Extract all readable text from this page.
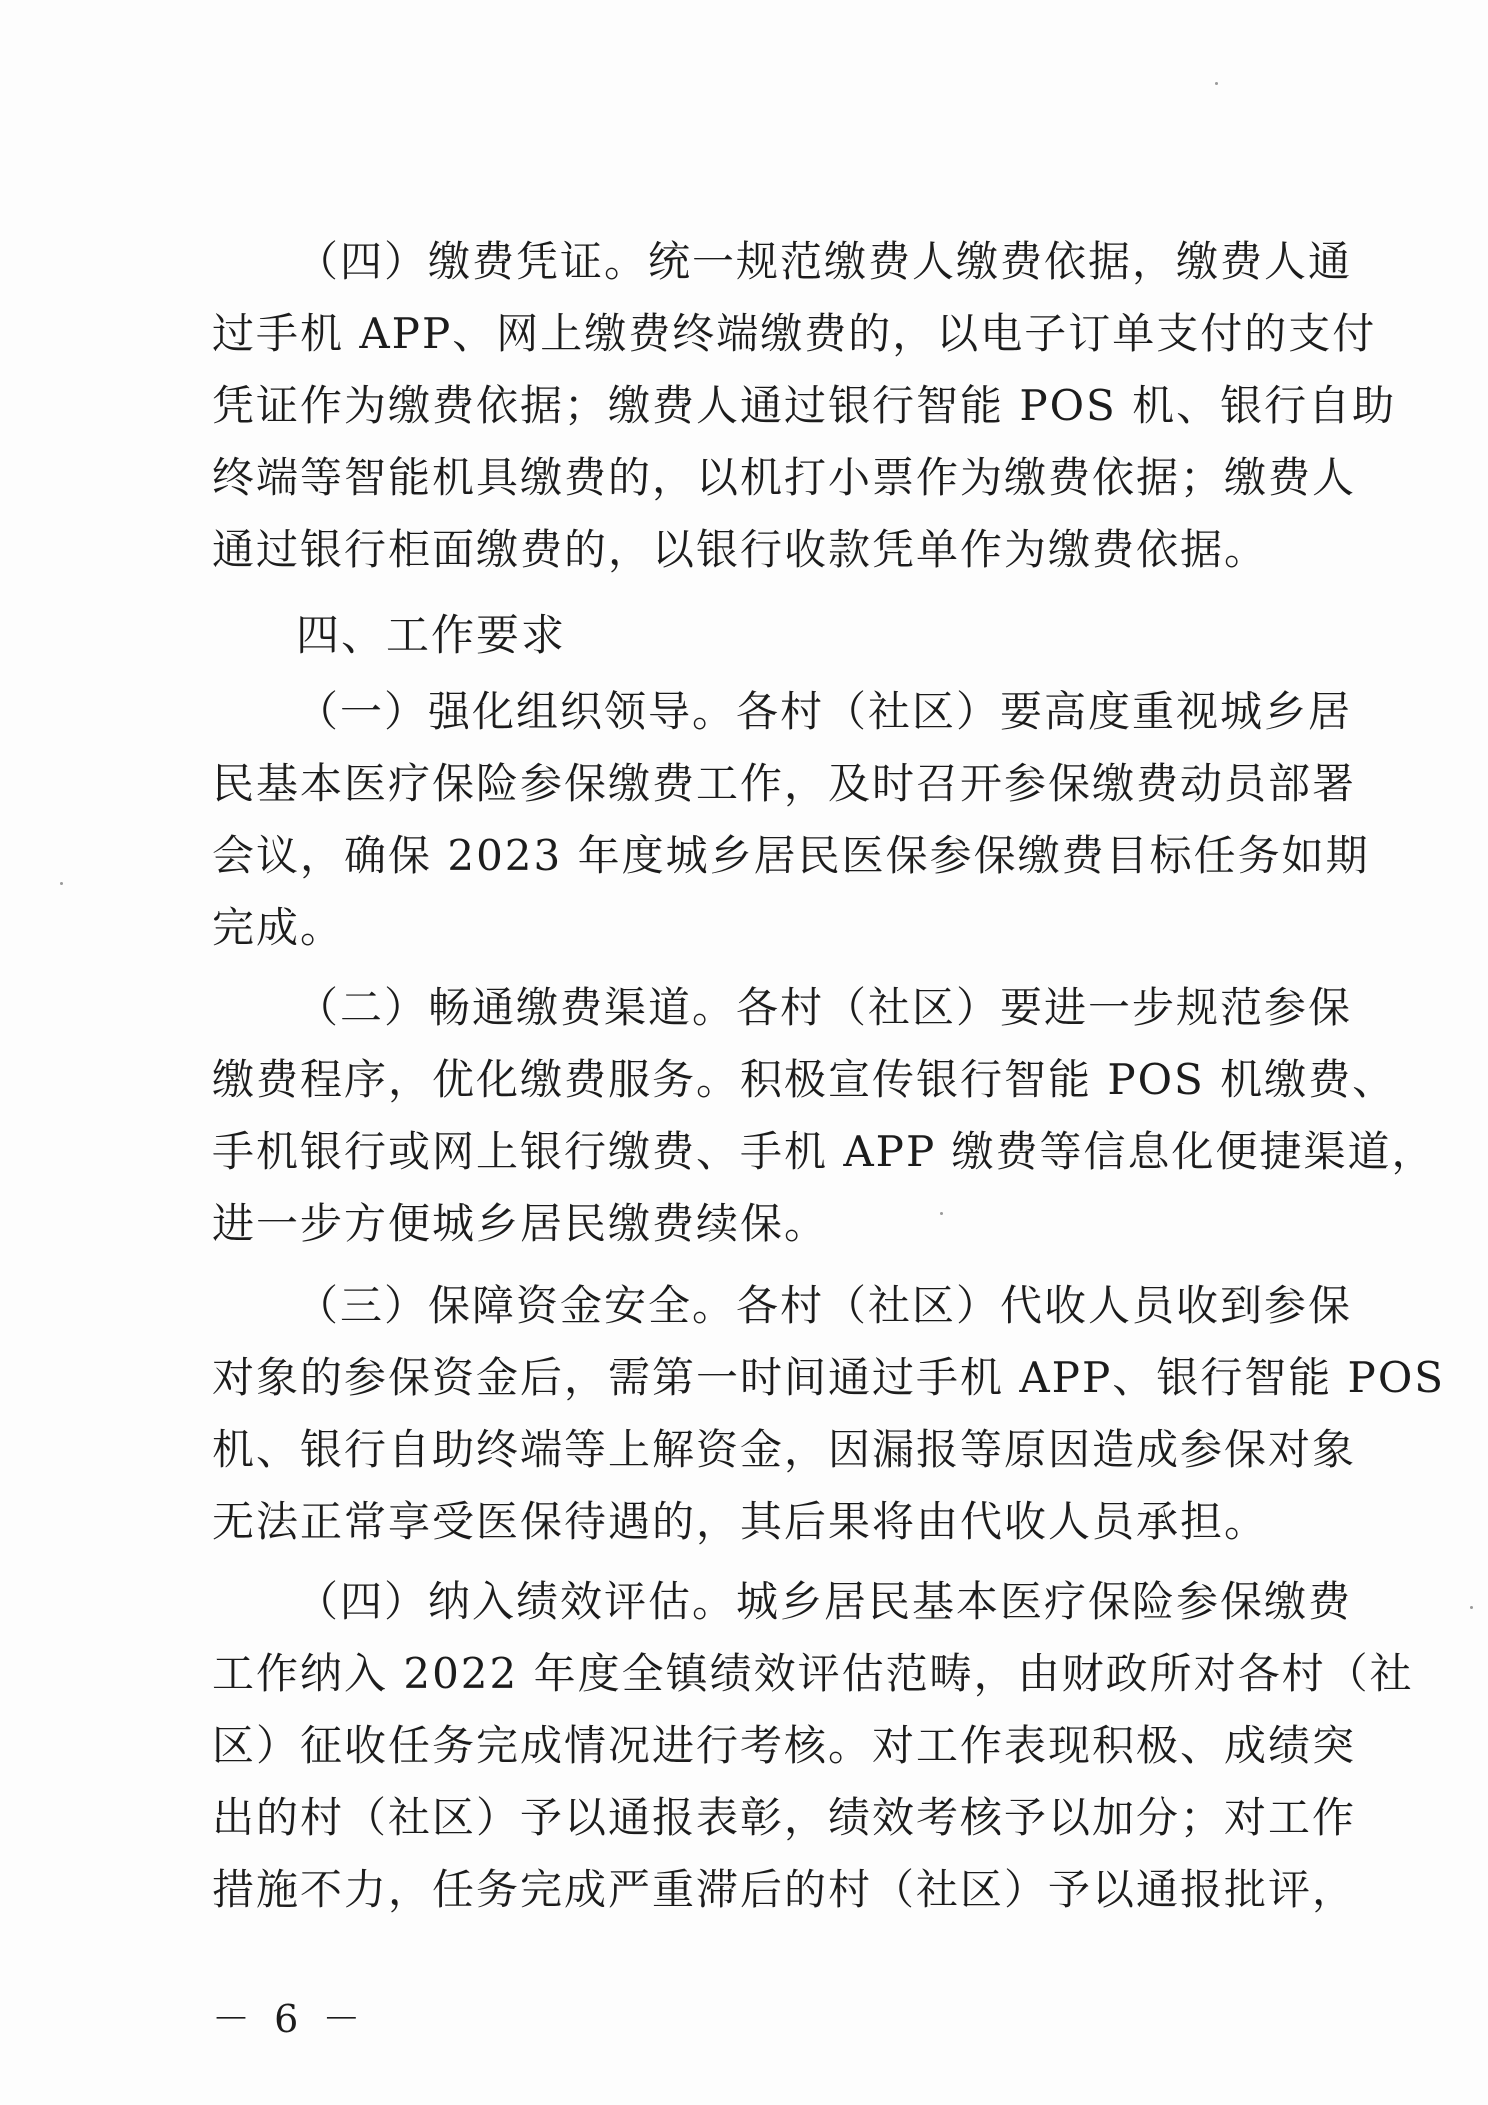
（四）缴费凭证。统一规范缴费人缴费依据，缴费人通
过手机 APP、网上缴费终端缴费的，以电子订单支付的支付
凭证作为缴费依据；缴费人通过银行智能 POS 机、银行自助
终端等智能机具缴费的，以机打小票作为缴费依据；缴费人
通过银行柜面缴费的，以银行收款凭单作为缴费依据。
四、工作要求
（一）强化组织领导。各村（社区）要高度重视城乡居
民基本医疗保险参保缴费工作，及时召开参保缴费动员部署
会议，确保 2023 年度城乡居民医保参保缴费目标任务如期
完成。
（二）畅通缴费渠道。各村（社区）要进一步规范参保
缴费程序，优化缴费服务。积极宣传银行智能 POS 机缴费、
手机银行或网上银行缴费、手机 APP 缴费等信息化便捷渠道，
进一步方便城乡居民缴费续保。
（三）保障资金安全。各村（社区）代收人员收到参保
对象的参保资金后，需第一时间通过手机 APP、银行智能 POS
机、银行自助终端等上解资金，因漏报等原因造成参保对象
无法正常享受医保待遇的，其后果将由代收人员承担。
（四）纳入绩效评估。城乡居民基本医疗保险参保缴费
工作纳入 2022 年度全镇绩效评估范畴，由财政所对各村（社
区）征收任务完成情况进行考核。对工作表现积极、成绩突
出的村（社区）予以通报表彰，绩效考核予以加分；对工作
措施不力，任务完成严重滞后的村（社区）予以通报批评，
－ 6 －
